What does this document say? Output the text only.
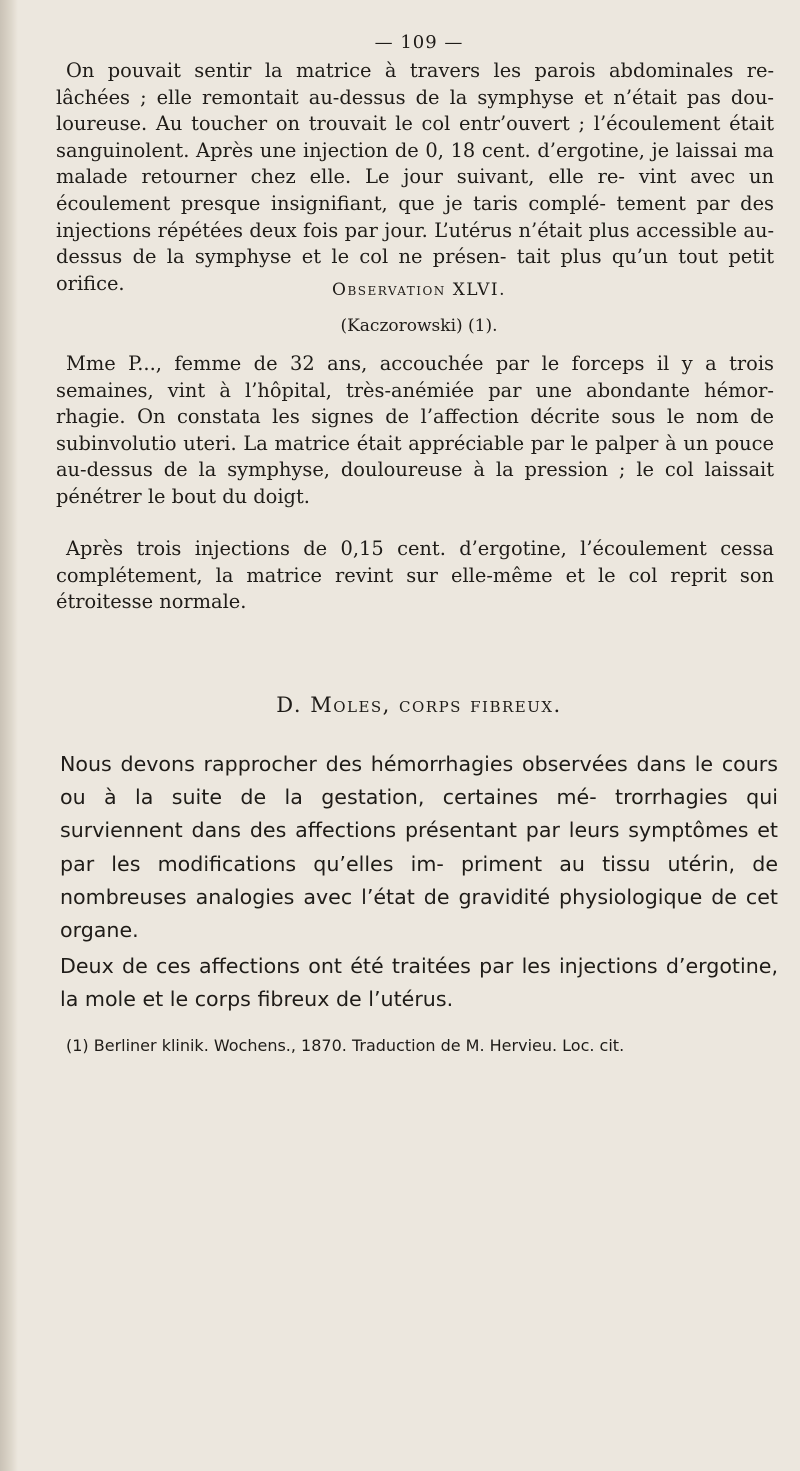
— 109 —

On pouvait sentir la matrice à travers les parois abdominales re- lâchées ; elle remontait au-dessus de la symphyse et n’était pas dou- loureuse. Au toucher on trouvait le col entr’ouvert ; l’écoulement était sanguinolent. Après une injection de 0, 18 cent. d’ergotine, je laissai ma malade retourner chez elle. Le jour suivant, elle re- vint avec un écoulement presque insignifiant, que je taris complé- tement par des injections répétées deux fois par jour. L’utérus n’était plus accessible au-dessus de la symphyse et le col ne présen- tait plus qu’un tout petit orifice.	Observation XLVI.
(Kaczorowski) (1).

Mme P..., femme de 32 ans, accouchée par le forceps il y a trois semaines, vint à l’hôpital, très-anémiée par une abondante hémor- rhagie. On constata les signes de l’affection décrite sous le nom de subinvolutio uteri. La matrice était appréciable par le palper à un pouce au-dessus de la symphyse, douloureuse à la pression ; le col laissait pénétrer le bout du doigt.

Après trois injections de 0,15 cent. d’ergotine, l’écoulement cessa complétement, la matrice revint sur elle-même et le col reprit son étroitesse normale.

D. Moles, corps fibreux.

Nous devons rapprocher des hémorrhagies observées dans le cours ou à la suite de la gestation, certaines mé- trorrhagies qui surviennent dans des affections présentant par leurs symptômes et par les modifications qu’elles im- priment au tissu utérin, de nombreuses analogies avec l’état de gravidité physiologique de cet organe.

Deux de ces affections ont été traitées par les injections d’ergotine, la mole et le corps fibreux de l’utérus.

(1) Berliner klinik. Wochens., 1870. Traduction de M. Hervieu. Loc. cit.
